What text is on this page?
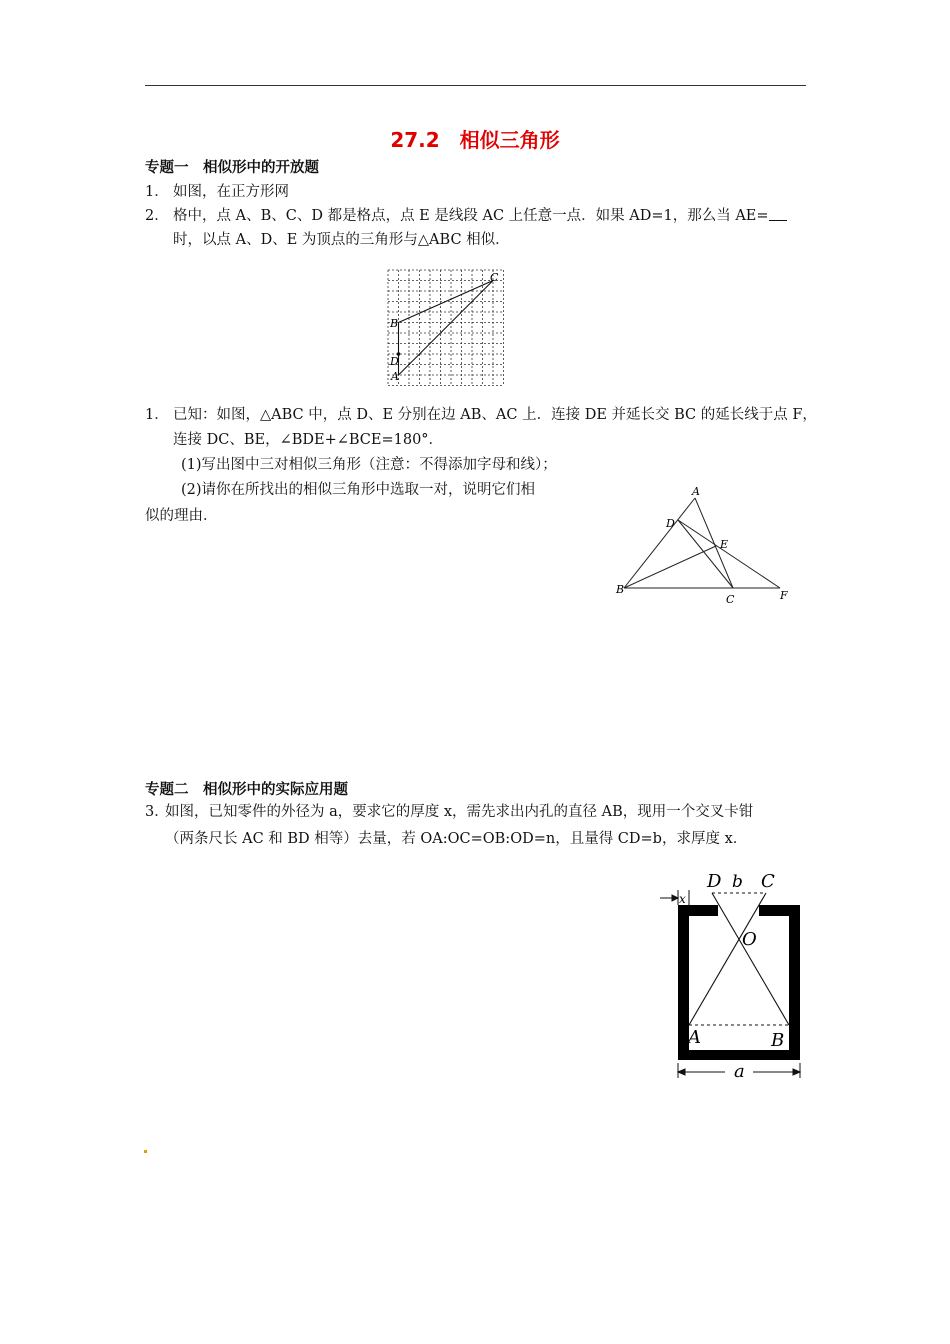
27.2　相似三角形
专题一　相似形中的开放题
1． 如图，在正方形网
2． 格中，点 A、B、C、D 都是格点，点 E 是线段 AC 上任意一点．如果 AD=1，那么当 AE=
时，以点 A、D、E 为顶点的三角形与△ABC 相似．
C
B
D
A
1． 已知：如图，△ABC 中，点 D、E 分别在边 AB、AC 上．连接 DE 并延长交 BC 的延长线于点 F，
连接 DC、BE，∠BDE+∠BCE=180°．
(1)写出图中三对相似三角形（注意：不得添加字母和线）；
(2)请你在所找出的相似三角形中选取一对，说明它们相
似的理由．
A
D
E
B
C	F
专题二　相似形中的实际应用题
3．如图，已知零件的外径为 a，要求它的厚度 x，需先求出内孔的直径 AB，现用一个交叉卡钳
（两条尺长 AC 和 BD 相等）去量，若 OA:OC=OB:OD=n，且量得 CD=b，求厚度 x．
D b C
x
O
A	B
a
